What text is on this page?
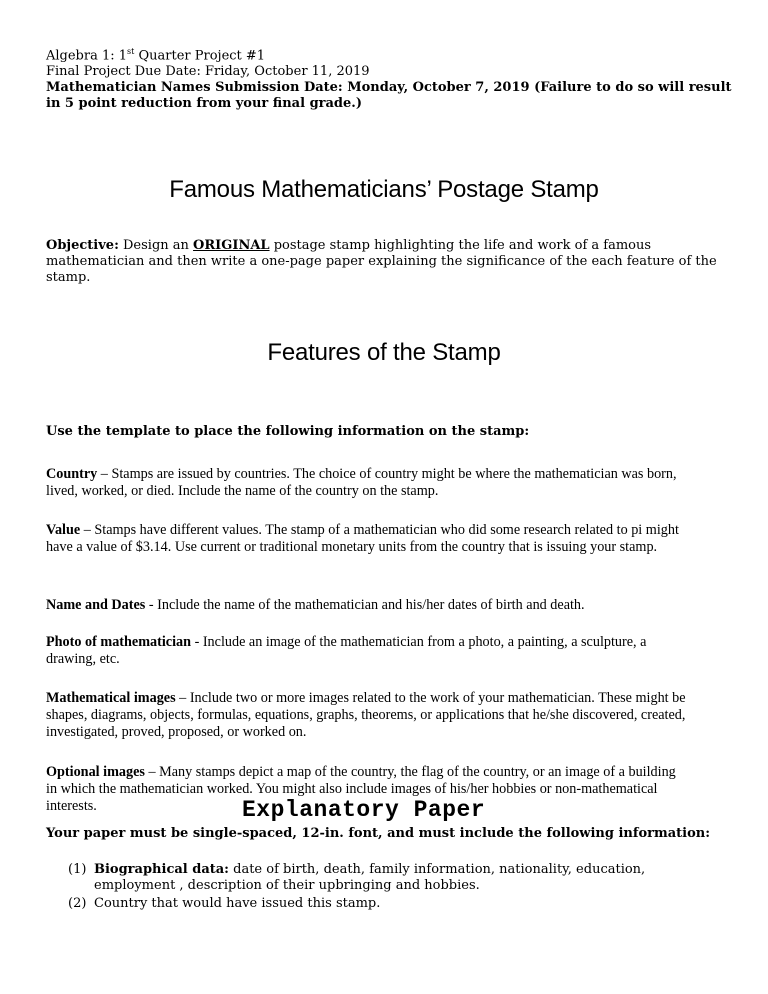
Algebra 1: 1st Quarter Project #1
Final Project Due Date: Friday, October 11, 2019
Mathematician Names Submission Date: Monday, October 7, 2019 (Failure to do so will result in 5 point reduction from your final grade.)
Famous Mathematicians’ Postage Stamp
Objective: Design an ORIGINAL postage stamp highlighting the life and work of a famous mathematician and then write a one-page paper explaining the significance of the each feature of the stamp.
Features of the Stamp
Use the template to place the following information on the stamp:
Country – Stamps are issued by countries. The choice of country might be where the mathematician was born, lived, worked, or died. Include the name of the country on the stamp.
Value – Stamps have different values. The stamp of a mathematician who did some research related to pi might have a value of $3.14. Use current or traditional monetary units from the country that is issuing your stamp.
Name and Dates - Include the name of the mathematician and his/her dates of birth and death.
Photo of mathematician - Include an image of the mathematician from a photo, a painting, a sculpture, a drawing, etc.
Mathematical images – Include two or more images related to the work of your mathematician. These might be shapes, diagrams, objects, formulas, equations, graphs, theorems, or applications that he/she discovered, created, investigated, proved, proposed, or worked on.
Optional images – Many stamps depict a map of the country, the flag of the country, or an image of a building in which the mathematician worked. You might also include images of his/her hobbies or non-mathematical interests.	Explanatory Paper
Your paper must be single-spaced, 12-in. font, and must include the following information:
(1) Biographical data: date of birth, death, family information, nationality, education, employment , description of their upbringing and hobbies.
(2) Country that would have issued this stamp.
